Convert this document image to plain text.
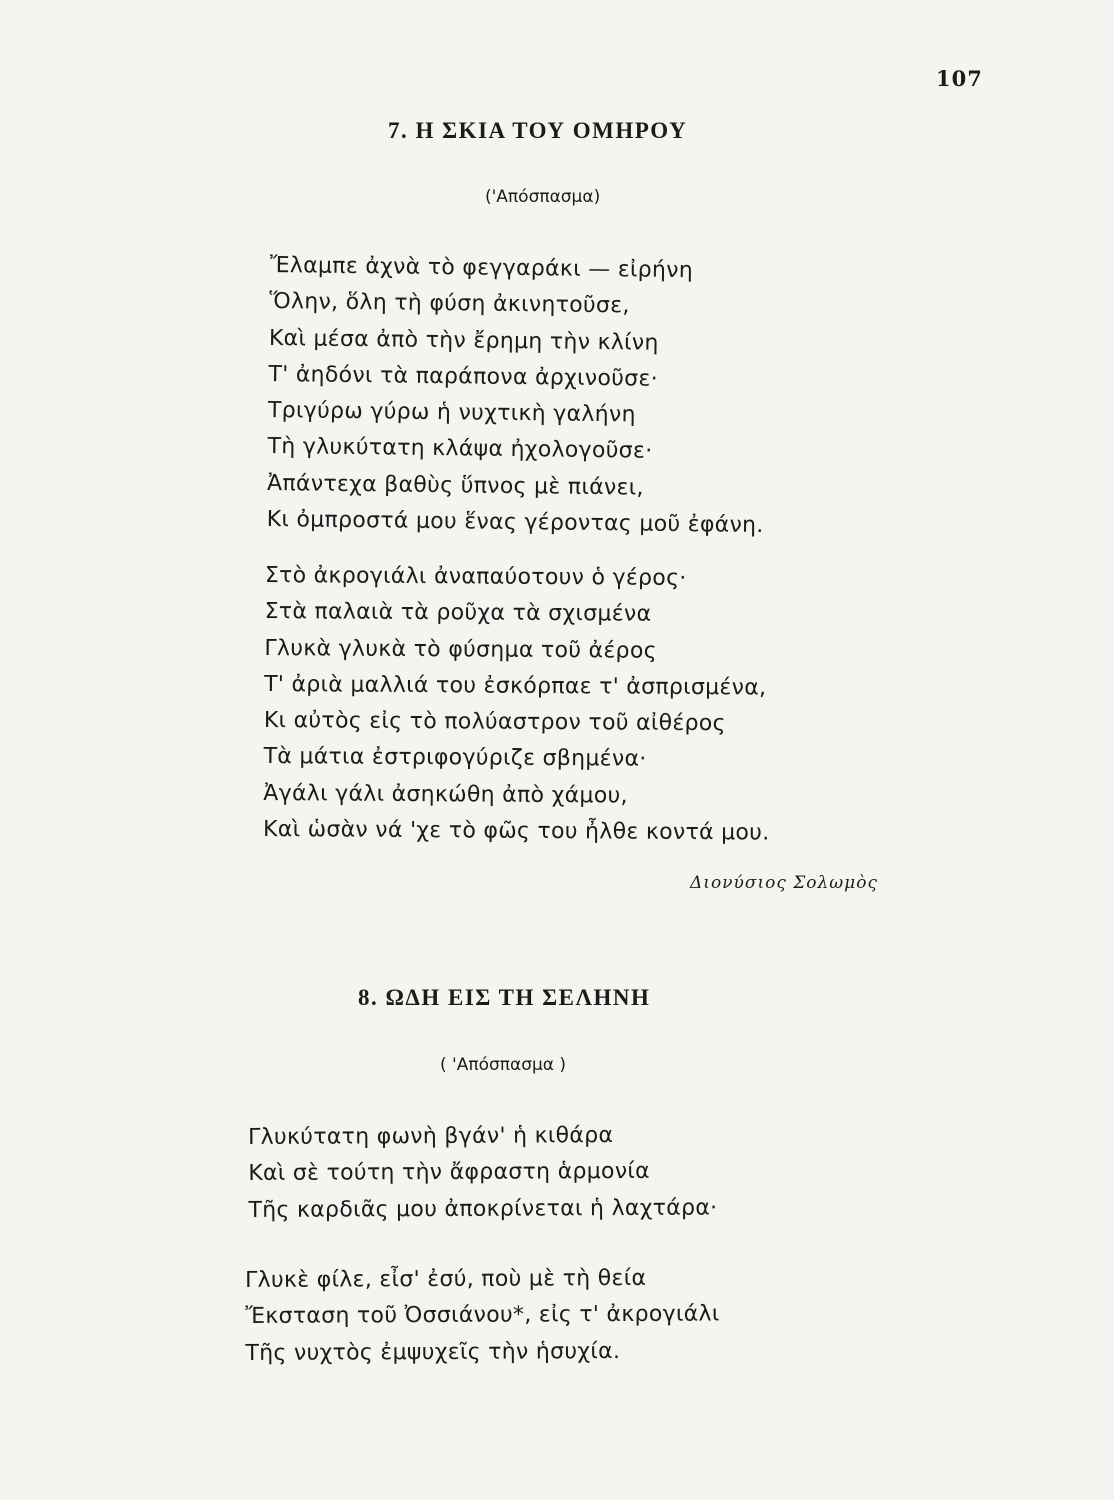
107
7. Η ΣΚΙΑ ΤΟΥ ΟΜΗΡΟΥ
('Απόσπασμα)
Ἔλαμπε ἀχνὰ τὸ φεγγαράκι — εἰρήνη
Ὅλην, ὅλη τὴ φύση ἀκινητοῦσε,
Καὶ μέσα ἀπὸ τὴν ἔρημη τὴν κλίνη
Τ' ἀηδόνι τὰ παράπονα ἀρχινοῦσε·
Τριγύρω γύρω ἡ νυχτικὴ γαλήνη
Τὴ γλυκύτατη κλάψα ἠχολογοῦσε·
Ἀπάντεχα βαθὺς ὕπνος μὲ πιάνει,
Κι ὀμπροστά μου ἕνας γέροντας μοῦ ἐφάνη.
Στὸ ἀκρογιάλι ἀναπαύοτουν ὁ γέρος·
Στὰ παλαιὰ τὰ ροῦχα τὰ σχισμένα
Γλυκὰ γλυκὰ τὸ φύσημα τοῦ ἀέρος
Τ' ἀριὰ μαλλιά του ἐσκόρπαε τ' ἀσπρισμένα,
Κι αὐτὸς εἰς τὸ πολύαστρον τοῦ αἰθέρος
Τὰ μάτια ἐστριφογύριζε σβημένα·
Ἀγάλι γάλι ἀσηκώθη ἀπὸ χάμου,
Καὶ ὡσὰν νά 'χε τὸ φῶς του ἦλθε κοντά μου.
Διονύσιος Σολωμὸς
8. ΩΔΗ ΕΙΣ ΤΗ ΣΕΛΗΝΗ
( 'Απόσπασμα )
Γλυκύτατη φωνὴ βγάν' ἡ κιθάρα
Καὶ σὲ τούτη τὴν ἄφραστη ἁρμονία
Τῆς καρδιᾶς μου ἀποκρίνεται ἡ λαχτάρα·
Γλυκὲ φίλε, εἶσ' ἐσύ, ποὺ μὲ τὴ θεία
Ἔκσταση τοῦ Ὀσσιάνου*, εἰς τ' ἀκρογιάλι
Τῆς νυχτὸς ἐμψυχεῖς τὴν ἡσυχία.
